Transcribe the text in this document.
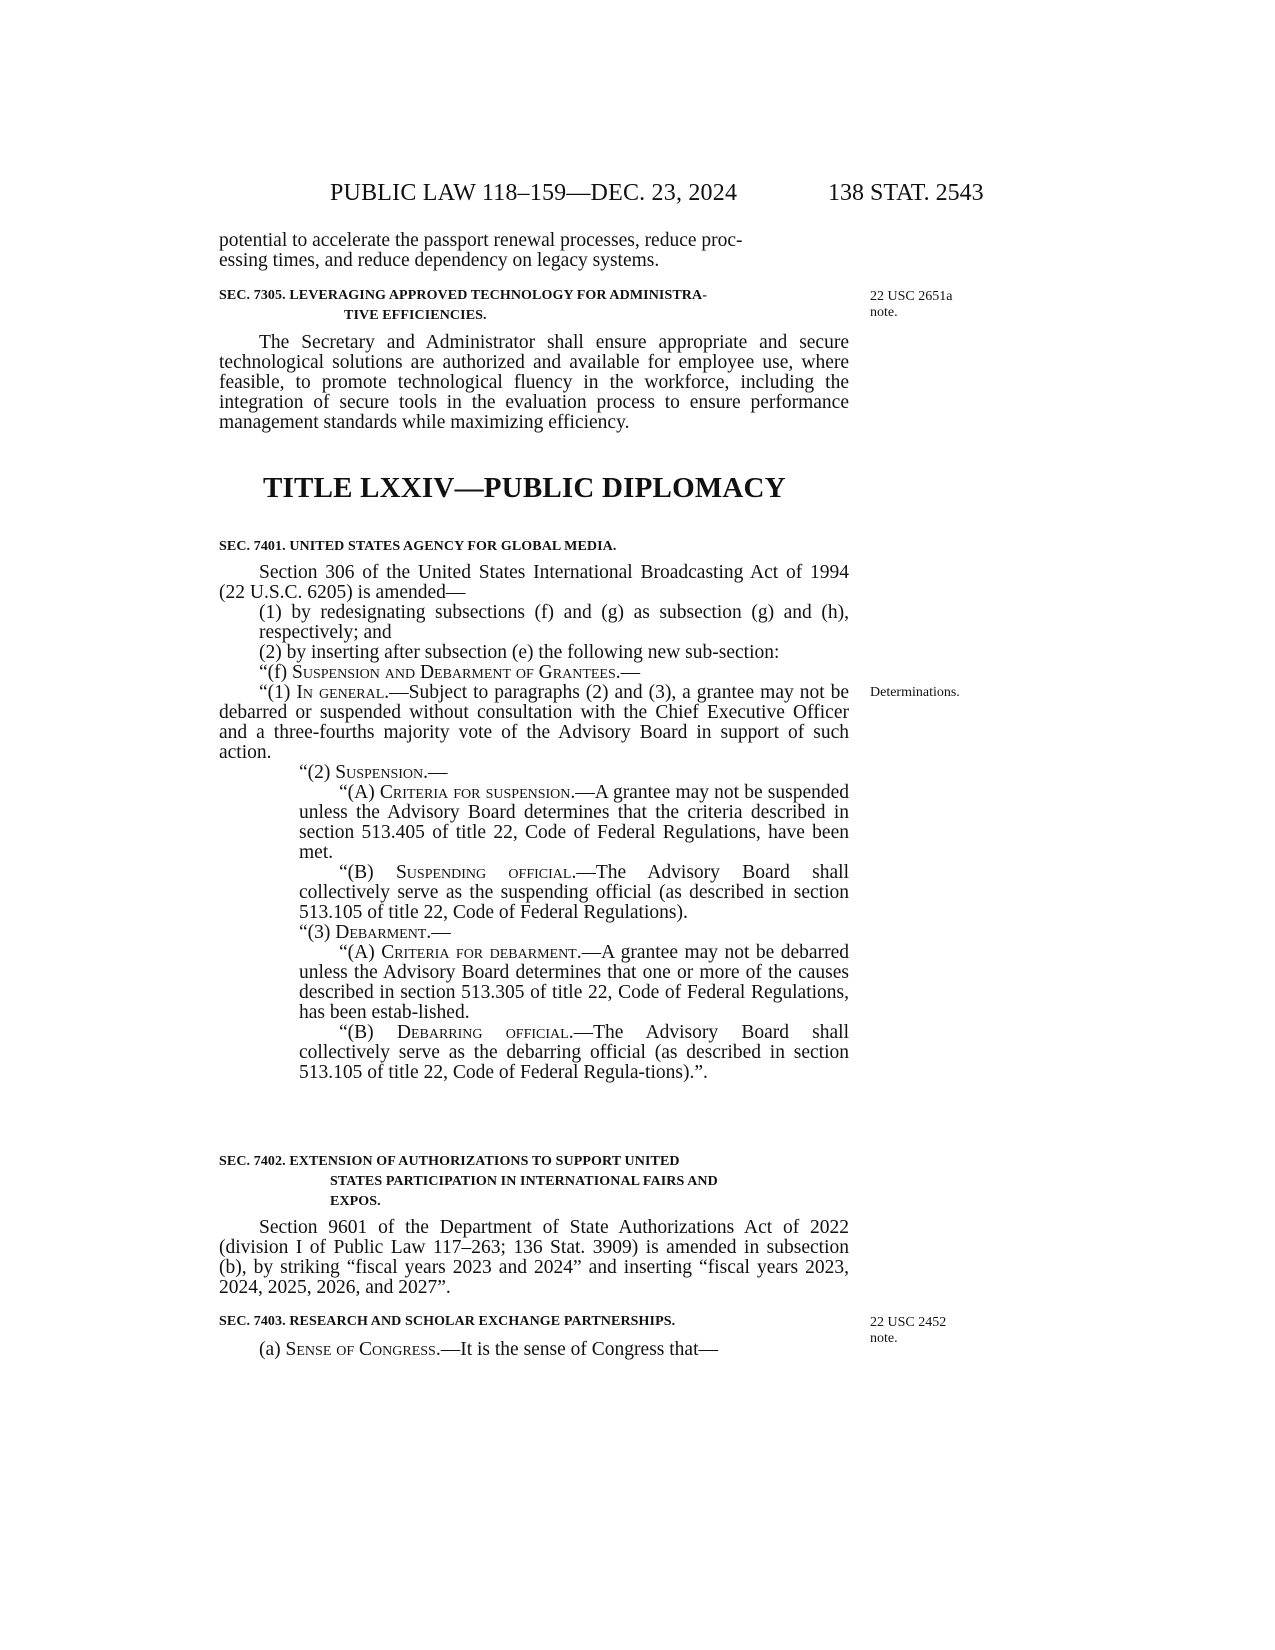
PUBLIC LAW 118–159—DEC. 23, 2024	138 STAT. 2543
potential to accelerate the passport renewal processes, reduce proc-
essing times, and reduce dependency on legacy systems.
SEC. 7305. LEVERAGING APPROVED TECHNOLOGY FOR ADMINISTRA-
TIVE EFFICIENCIES.
22 USC 2651a
note.

The Secretary and Administrator shall ensure appropriate and secure technological solutions are authorized and available for employee use, where feasible, to promote technological fluency in the workforce, including the integration of secure tools in the evaluation process to ensure performance management standards while maximizing efficiency.

TITLE LXXIV—PUBLIC DIPLOMACY
SEC. 7401. UNITED STATES AGENCY FOR GLOBAL MEDIA.

Section 306 of the United States International Broadcasting Act of 1994 (22 U.S.C. 6205) is amended—

(1) by redesignating subsections (f) and (g) as subsection (g) and (h), respectively; and

(2) by inserting after subsection (e) the following new sub-section:

“(f) Suspension and Debarment of Grantees.—

“(1) In general.—Subject to paragraphs (2) and (3), a grantee may not be debarred or suspended without consultation with the Chief Executive Officer and a three-fourths majority vote of the Advisory Board in support of such action.

“(2) Suspension.—

“(A) Criteria for suspension.—A grantee may not be suspended unless the Advisory Board determines that the criteria described in section 513.405 of title 22, Code of Federal Regulations, have been met.

“(B) Suspending official.—The Advisory Board shall collectively serve as the suspending official (as described in section 513.105 of title 22, Code of Federal Regulations).

“(3) Debarment.—

“(A) Criteria for debarment.—A grantee may not be debarred unless the Advisory Board determines that one or more of the causes described in section 513.305 of title 22, Code of Federal Regulations, has been estab-lished.

“(B) Debarring official.—The Advisory Board shall collectively serve as the debarring official (as described in section 513.105 of title 22, Code of Federal Regula-tions).”.

Determinations.
SEC. 7402. EXTENSION OF AUTHORIZATIONS TO SUPPORT UNITED
STATES PARTICIPATION IN INTERNATIONAL FAIRS AND
EXPOS.

Section 9601 of the Department of State Authorizations Act of 2022 (division I of Public Law 117–263; 136 Stat. 3909) is amended in subsection (b), by striking “fiscal years 2023 and 2024” and inserting “fiscal years 2023, 2024, 2025, 2026, and 2027”.

SEC. 7403. RESEARCH AND SCHOLAR EXCHANGE PARTNERSHIPS.	22 USC 2452
note.

(a) Sense of Congress.—It is the sense of Congress that—
